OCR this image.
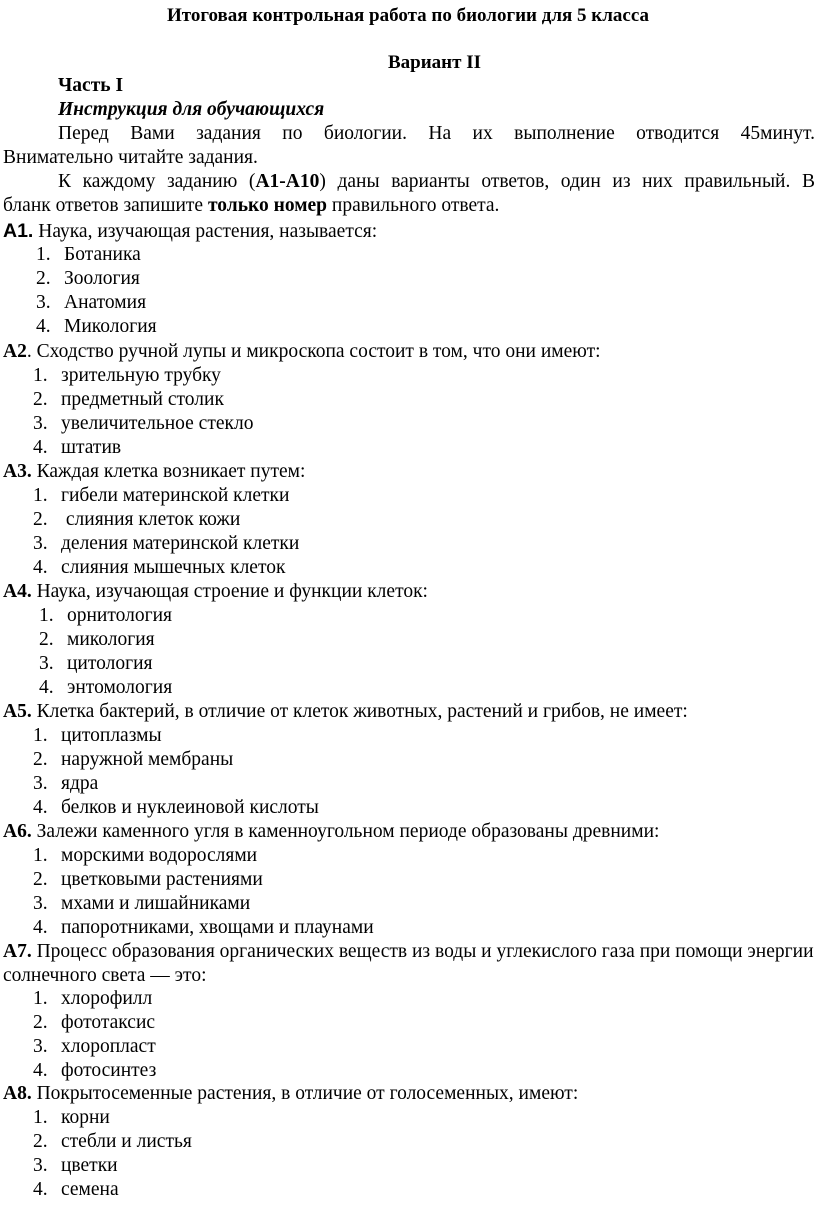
Итоговая контрольная работа по биологии для 5 класса
Вариант II
Часть I
Инструкция для обучающихся
Перед Вами задания по биологии. На их выполнение отводится 45минут.
Внимательно читайте задания.
К каждому заданию (А1-А10) даны варианты ответов, один из них правильный. В
бланк ответов запишите только номер правильного ответа.
А1. Наука, изучающая растения, называется:
1. Ботаника
2. Зоология
3. Анатомия
4. Микология
А2. Сходство ручной лупы и микроскопа состоит в том, что они имеют:
1. зрительную трубку
2. предметный столик
3. увеличительное стекло
4. штатив
А3. Каждая клетка возникает путем:
1. гибели материнской клетки
2. слияния клеток кожи
3. деления материнской клетки
4. слияния мышечных клеток
А4. Наука, изучающая строение и функции клеток:
1. орнитология
2. микология
3. цитология
4. энтомология
А5. Клетка бактерий, в отличие от клеток животных, растений и грибов, не имеет:
1. цитоплазмы
2. наружной мембраны
3. ядра
4. белков и нуклеиновой кислоты
А6. Залежи каменного угля в каменноугольном периоде образованы древними:
1. морскими водорослями
2. цветковыми растениями
3. мхами и лишайниками
4. папоротниками, хвощами и плаунами
А7. Процесс образования органических веществ из воды и углекислого газа при помощи энергии солнечного света — это:
1. хлорофилл
2. фототаксис
3. хлоропласт
4. фотосинтез
А8. Покрытосеменные растения, в отличие от голосеменных, имеют:
1. корни
2. стебли и листья
3. цветки
4. семена
